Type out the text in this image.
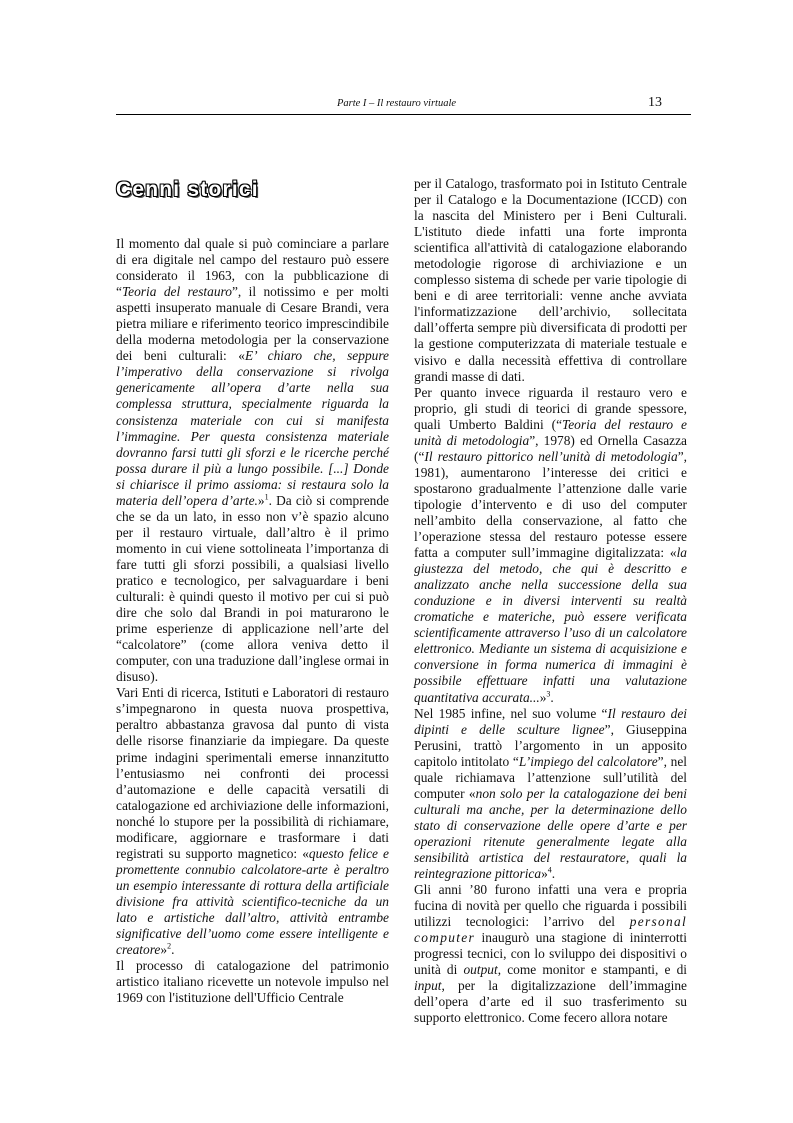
Parte I – Il restauro virtuale	13
Cenni storici

Il momento dal quale si può cominciare a parlare di era digitale nel campo del restauro può essere considerato il 1963, con la pubblicazione di “Teoria del restauro”, il notissimo e per molti aspetti insuperato manuale di Cesare Brandi, vera pietra miliare e riferimento teorico imprescindibile della moderna metodologia per la conservazione dei beni culturali: «E’ chiaro che, seppure l’imperativo della conservazione si rivolga genericamente all’opera d’arte nella sua complessa struttura, specialmente riguarda la consistenza materiale con cui si manifesta l’immagine. Per questa consistenza materiale dovranno farsi tutti gli sforzi e le ricerche perché possa durare il più a lungo possibile. [...] Donde si chiarisce il primo assioma: si restaura solo la materia dell’opera d’arte.»$^1$. Da ciò si comprende che se da un lato, in esso non v’è spazio alcuno per il restauro virtuale, dall’altro è il primo momento in cui viene sottolineata l’importanza di fare tutti gli sforzi possibili, a qualsiasi livello pratico e tecnologico, per salvaguardare i beni culturali: è quindi questo il motivo per cui si può dire che solo dal Brandi in poi maturarono le prime esperienze di applicazione nell’arte del “calcolatore” (come allora veniva detto il computer, con una traduzione dall’inglese ormai in disuso).

Vari Enti di ricerca, Istituti e Laboratori di restauro s’impegnarono in questa nuova prospettiva, peraltro abbastanza gravosa dal punto di vista delle risorse finanziarie da impiegare. Da queste prime indagini sperimentali emerse innanzitutto l’entusiasmo nei confronti dei processi d’automazione e delle capacità versatili di catalogazione ed archiviazione delle informazioni, nonché lo stupore per la possibilità di richiamare, modificare, aggiornare e trasformare i dati registrati su supporto magnetico: «questo felice e promettente connubio calcolatore-arte è peraltro un esempio interessante di rottura della artificiale divisione fra attività scientifico-tecniche da un lato e artistiche dall’altro, attività entrambe significative dell’uomo come essere intelligente e creatore»$^2$.

Il processo di catalogazione del patrimonio artistico italiano ricevette un notevole impulso nel 1969 con l'istituzione dell'Ufficio Centrale

per il Catalogo, trasformato poi in Istituto Centrale per il Catalogo e la Documentazione (ICCD) con la nascita del Ministero per i Beni Culturali. L'istituto diede infatti una forte impronta scientifica all'attività di catalogazione elaborando metodologie rigorose di archiviazione e un complesso sistema di schede per varie tipologie di beni e di aree territoriali: venne anche avviata l'informatizzazione dell’archivio, sollecitata dall’offerta sempre più diversificata di prodotti per la gestione computerizzata di materiale testuale e visivo e dalla necessità effettiva di controllare grandi masse di dati.

Per quanto invece riguarda il restauro vero e proprio, gli studi di teorici di grande spessore, quali Umberto Baldini (“Teoria del restauro e unità di metodologia”, 1978) ed Ornella Casazza (“Il restauro pittorico nell’unità di metodologia”, 1981), aumentarono l’interesse dei critici e spostarono gradualmente l’attenzione dalle varie tipologie d’intervento e di uso del computer nell’ambito della conservazione, al fatto che l’operazione stessa del restauro potesse essere fatta a computer sull’immagine digitalizzata: «la giustezza del metodo, che qui è descritto e analizzato anche nella successione della sua conduzione e in diversi interventi su realtà cromatiche e materiche, può essere verificata scientificamente attraverso l’uso di un calcolatore elettronico. Mediante un sistema di acquisizione e conversione in forma numerica di immagini è possibile effettuare infatti una valutazione quantitativa accurata...»$^3$.

Nel 1985 infine, nel suo volume “Il restauro dei dipinti e delle sculture lignee”, Giuseppina Perusini, trattò l’argomento in un apposito capitolo intitolato “L’impiego del calcolatore”, nel quale richiamava l’attenzione sull’utilità del computer «non solo per la catalogazione dei beni culturali ma anche, per la determinazione dello stato di conservazione delle opere d’arte e per operazioni ritenute generalmente legate alla sensibilità artistica del restauratore, quali la reintegrazione pittorica»$^4$.

Gli anni ’80 furono infatti una vera e propria fucina di novità per quello che riguarda i possibili utilizzi tecnologici: l’arrivo del personal computer inaugurò una stagione di ininterrotti progressi tecnici, con lo sviluppo dei dispositivi o unità di output, come monitor e stampanti, e di input, per la digitalizzazione dell’immagine dell’opera d’arte ed il suo trasferimento su supporto elettronico. Come fecero allora notare
